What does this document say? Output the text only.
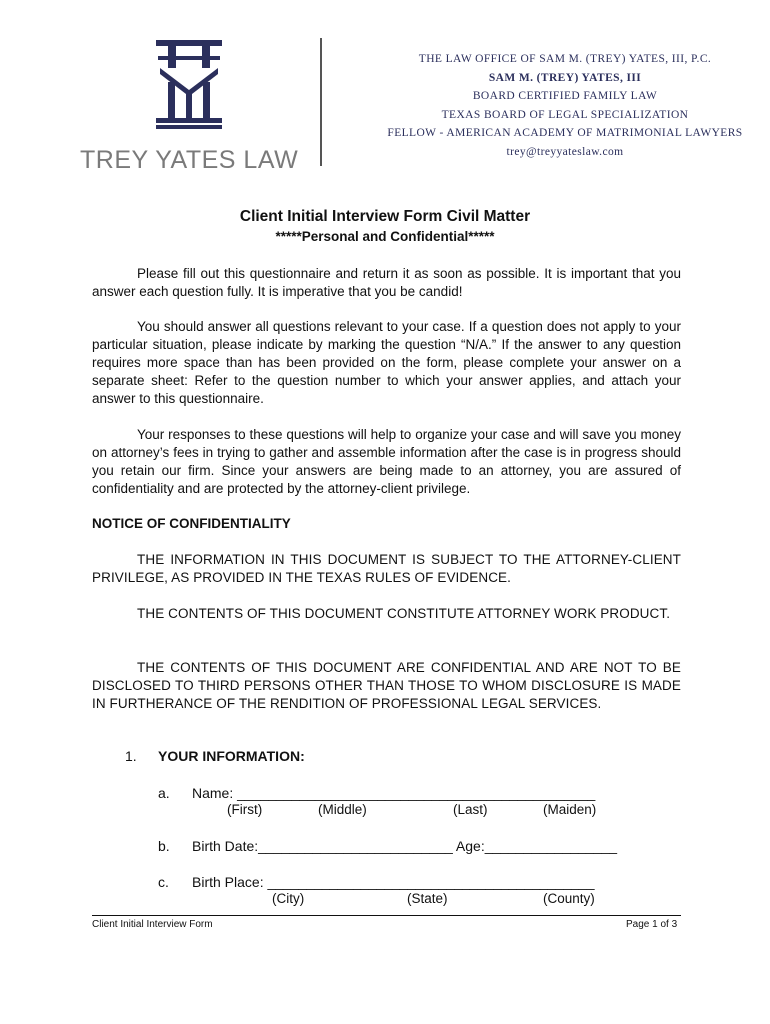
TREY YATES LAW
THE LAW OFFICE OF SAM M. (TREY) YATES, III, P.C.
SAM M. (TREY) YATES, III
BOARD CERTIFIED FAMILY LAW
TEXAS BOARD OF LEGAL SPECIALIZATION
FELLOW - AMERICAN ACADEMY OF MATRIMONIAL LAWYERS
trey@treyyateslaw.com
Client Initial Interview Form Civil Matter
*****Personal and Confidential*****
Please fill out this questionnaire and return it as soon as possible. It is important that you answer each question fully. It is imperative that you be candid!
You should answer all questions relevant to your case. If a question does not apply to your particular situation, please indicate by marking the question “N/A.” If the answer to any question requires more space than has been provided on the form, please complete your answer on a separate sheet: Refer to the question number to which your answer applies, and attach your answer to this questionnaire.
Your responses to these questions will help to organize your case and will save you money on attorney’s fees in trying to gather and assemble information after the case is in progress should you retain our firm. Since your answers are being made to an attorney, you are assured of confidentiality and are protected by the attorney-client privilege.
NOTICE OF CONFIDENTIALITY
THE INFORMATION IN THIS DOCUMENT IS SUBJECT TO THE ATTORNEY-CLIENT PRIVILEGE, AS PROVIDED IN THE TEXAS RULES OF EVIDENCE.
THE CONTENTS OF THIS DOCUMENT CONSTITUTE ATTORNEY WORK PRODUCT.
THE CONTENTS OF THIS DOCUMENT ARE CONFIDENTIAL AND ARE NOT TO BE DISCLOSED TO THIRD PERSONS OTHER THAN THOSE TO WHOM DISCLOSURE IS MADE IN FURTHERANCE OF THE RENDITION OF PROFESSIONAL LEGAL SERVICES.
1. YOUR INFORMATION:
a. Name: ______________________________________________
(First)	(Middle)	(Last)	(Maiden)
b. Birth Date:_________________________ Age:_________________
c. Birth Place: __________________________________________
(City)	(State)	(County)
Client Initial Interview Form	Page 1 of 3
